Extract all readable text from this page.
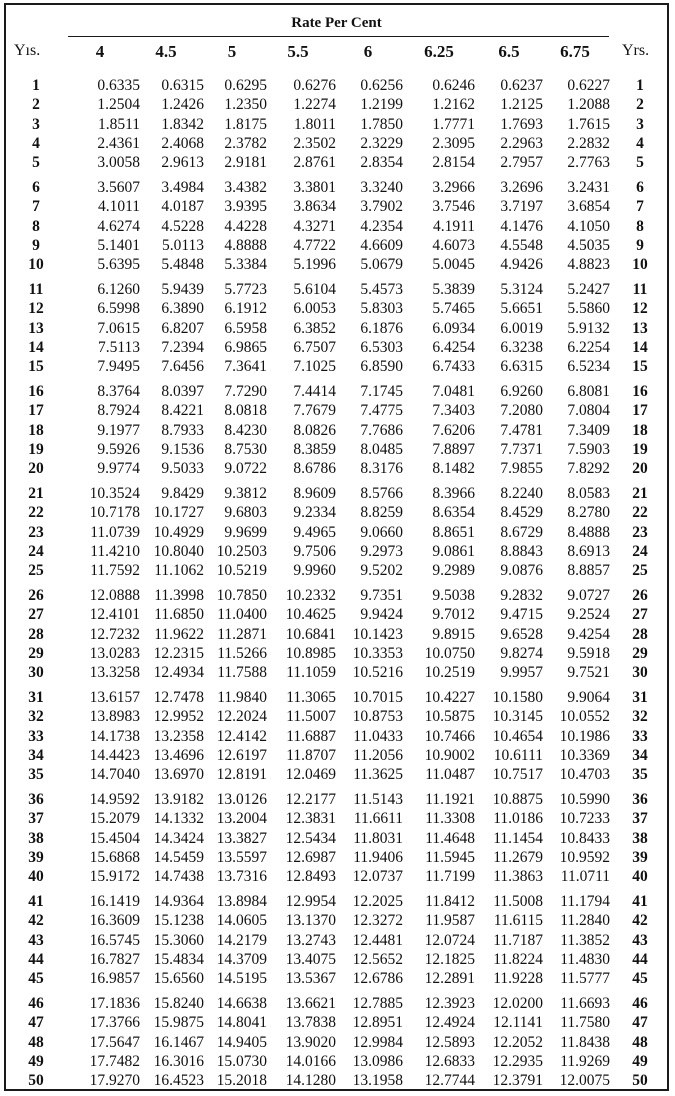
Rate Per Cent
Yıs.	4	4.5	5	5.5	6	6.25	6.5	6.75	Yrs.
1	0.6335	0.6315	0.6295	0.6276	0.6256	0.6246	0.6237	0.6227	1
2	1.2504	1.2426	1.2350	1.2274	1.2199	1.2162	1.2125	1.2088	2
3	1.8511	1.8342	1.8175	1.8011	1.7850	1.7771	1.7693	1.7615	3
4	2.4361	2.4068	2.3782	2.3502	2.3229	2.3095	2.2963	2.2832	4
5	3.0058	2.9613	2.9181	2.8761	2.8354	2.8154	2.7957	2.7763	5
6	3.5607	3.4984	3.4382	3.3801	3.3240	3.2966	3.2696	3.2431	6
7	4.1011	4.0187	3.9395	3.8634	3.7902	3.7546	3.7197	3.6854	7
8	4.6274	4.5228	4.4228	4.3271	4.2354	4.1911	4.1476	4.1050	8
9	5.1401	5.0113	4.8888	4.7722	4.6609	4.6073	4.5548	4.5035	9
10	5.6395	5.4848	5.3384	5.1996	5.0679	5.0045	4.9426	4.8823	10
11	6.1260	5.9439	5.7723	5.6104	5.4573	5.3839	5.3124	5.2427	11
12	6.5998	6.3890	6.1912	6.0053	5.8303	5.7465	5.6651	5.5860	12
13	7.0615	6.8207	6.5958	6.3852	6.1876	6.0934	6.0019	5.9132	13
14	7.5113	7.2394	6.9865	6.7507	6.5303	6.4254	6.3238	6.2254	14
15	7.9495	7.6456	7.3641	7.1025	6.8590	6.7433	6.6315	6.5234	15
16	8.3764	8.0397	7.7290	7.4414	7.1745	7.0481	6.9260	6.8081	16
17	8.7924	8.4221	8.0818	7.7679	7.4775	7.3403	7.2080	7.0804	17
18	9.1977	8.7933	8.4230	8.0826	7.7686	7.6206	7.4781	7.3409	18
19	9.5926	9.1536	8.7530	8.3859	8.0485	7.8897	7.7371	7.5903	19
20	9.9774	9.5033	9.0722	8.6786	8.3176	8.1482	7.9855	7.8292	20
21	10.3524	9.8429	9.3812	8.9609	8.5766	8.3966	8.2240	8.0583	21
22	10.7178 10.1727	9.6803	9.2334	8.8259	8.6354	8.4529	8.2780	22
23	11.0739 10.4929	9.9699	9.4965	9.0660	8.8651	8.6729	8.4888	23
24	11.4210 10.8040 10.2503	9.7506	9.2973	9.0861	8.8843	8.6913	24
25	11.7592 11.1062 10.5219	9.9960	9.5202	9.2989	9.0876	8.8857	25
26	12.0888 11.3998 10.7850	10.2332	9.7351	9.5038	9.2832	9.0727	26
27	12.4101 11.6850 11.0400	10.4625	9.9424	9.7012	9.4715	9.2524	27
28	12.7232 11.9622 11.2871	10.6841	10.1423	9.8915	9.6528	9.4254	28
29	13.0283 12.2315 11.5266	10.8985	10.3353	10.0750	9.8274	9.5918	29
30	13.3258 12.4934 11.7588	11.1059	10.5216	10.2519	9.9957	9.7521	30
31	13.6157 12.7478 11.9840	11.3065	10.7015	10.4227	10.1580	9.9064	31
32	13.8983 12.9952 12.2024	11.5007	10.8753	10.5875	10.3145	10.0552	32
33	14.1738 13.2358 12.4142	11.6887	11.0433	10.7466	10.4654	10.1986	33
34	14.4423 13.4696 12.6197	11.8707	11.2056	10.9002	10.6111	10.3369	34
35	14.7040 13.6970 12.8191	12.0469	11.3625	11.0487	10.7517	10.4703	35
36	14.9592 13.9182 13.0126	12.2177	11.5143	11.1921	10.8875	10.5990	36
37	15.2079 14.1332 13.2004	12.3831	11.6611	11.3308	11.0186	10.7233	37
38	15.4504 14.3424 13.3827	12.5434	11.8031	11.4648	11.1454	10.8433	38
39	15.6868 14.5459 13.5597	12.6987	11.9406	11.5945	11.2679	10.9592	39
40	15.9172 14.7438 13.7316	12.8493	12.0737	11.7199	11.3863	11.0711	40
41	16.1419 14.9364 13.8984	12.9954	12.2025	11.8412	11.5008	11.1794	41
42	16.3609 15.1238 14.0605	13.1370	12.3272	11.9587	11.6115	11.2840	42
43	16.5745 15.3060 14.2179	13.2743	12.4481	12.0724	11.7187	11.3852	43
44	16.7827 15.4834 14.3709	13.4075	12.5652	12.1825	11.8224	11.4830	44
45	16.9857 15.6560 14.5195	13.5367	12.6786	12.2891	11.9228	11.5777	45
46	17.1836 15.8240 14.6638	13.6621	12.7885	12.3923	12.0200	11.6693	46
47	17.3766 15.9875 14.8041	13.7838	12.8951	12.4924	12.1141	11.7580	47
48	17.5647 16.1467 14.9405	13.9020	12.9984	12.5893	12.2052	11.8438	48
49	17.7482 16.3016 15.0730	14.0166	13.0986	12.6833	12.2935	11.9269	49
50	17.9270 16.4523 15.2018	14.1280	13.1958	12.7744	12.3791	12.0075	50
